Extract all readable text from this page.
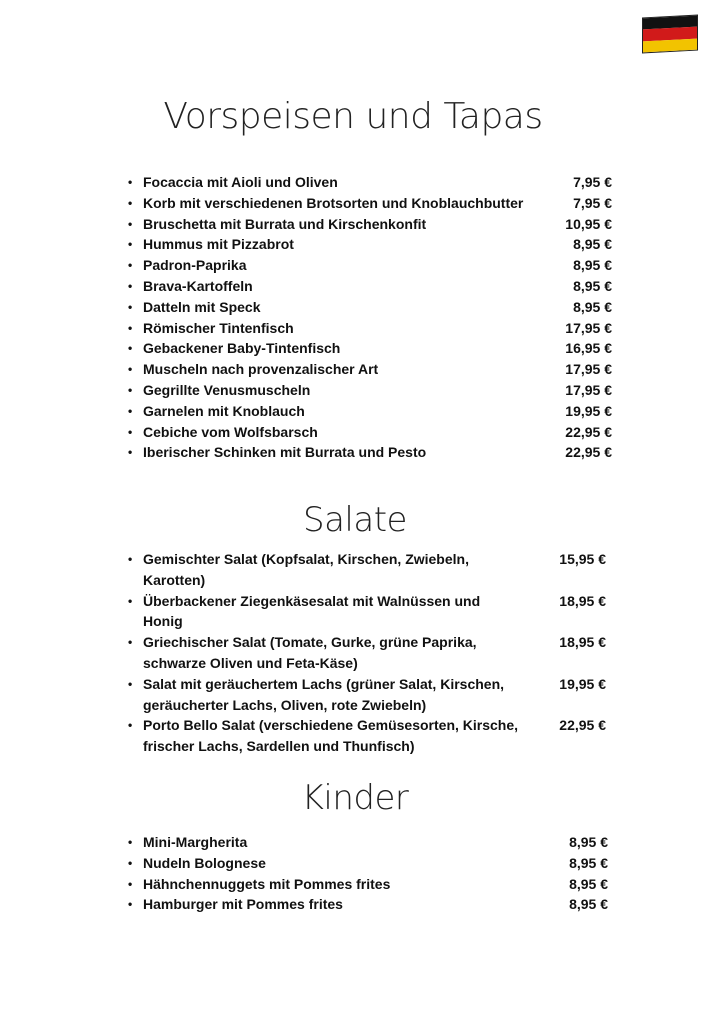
Vorspeisen und Tapas
• Focaccia mit Aioli und Oliven	7,95 €
• Korb mit verschiedenen Brotsorten und Knoblauchbutter	7,95 €
• Bruschetta mit Burrata und Kirschenkonfit	10,95 €
• Hummus mit Pizzabrot	8,95 €
• Padron-Paprika	8,95 €
• Brava-Kartoffeln	8,95 €
• Datteln mit Speck	8,95 €
• Römischer Tintenfisch	17,95 €
• Gebackener Baby-Tintenfisch	16,95 €
• Muscheln nach provenzalischer Art	17,95 €
• Gegrillte Venusmuscheln	17,95 €
• Garnelen mit Knoblauch	19,95 €
• Cebiche vom Wolfsbarsch	22,95 €
• Iberischer Schinken mit Burrata und Pesto	22,95 €
Salate
• Gemischter Salat (Kopfsalat, Kirschen, Zwiebeln, Karotten)
15,95 €
• Überbackener Ziegenkäsesalat mit Walnüssen und Honig
18,95 €
• Griechischer Salat (Tomate, Gurke, grüne Paprika, schwarze Oliven und Feta-Käse)
18,95 €
• Salat mit geräuchertem Lachs (grüner Salat, Kirschen, geräucherter Lachs, Oliven, rote Zwiebeln)
19,95 €
• Porto Bello Salat (verschiedene Gemüsesorten, Kirsche, frischer Lachs, Sardellen und Thunfisch)
22,95 €
Kinder
• Mini-Margherita	8,95 €
• Nudeln Bolognese	8,95 €
• Hähnchennuggets mit Pommes frites	8,95 €
• Hamburger mit Pommes frites	8,95 €
